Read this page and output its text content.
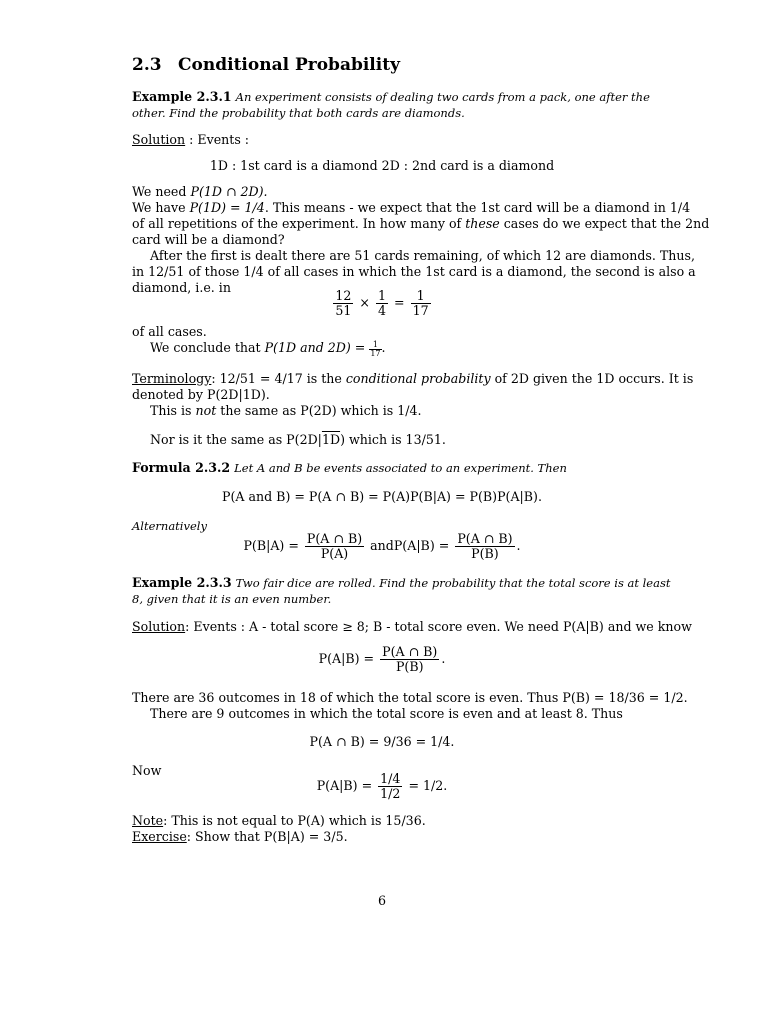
2.3 Conditional Probability
Example 2.3.1 An experiment consists of dealing two cards from a pack, one after the
other. Find the probability that both cards are diamonds.
Solution : Events :
1D : 1st card is a diamond 2D : 2nd card is a diamond
We need P(1D ∩ 2D).
We have P(1D) = 1/4. This means - we expect that the 1st card will be a diamond in 1/4
of all repetitions of the experiment. In how many of these cases do we expect that the 2nd
card will be a diamond?
After the first is dealt there are 51 cards remaining, of which 12 are diamonds. Thus,
in 12/51 of those 1/4 of all cases in which the 1st card is a diamond, the second is also a
diamond, i.e. in
$\frac{12}{51} \times \frac{1}{4} = \frac{1}{17}$
of all cases.
We conclude that P(1D and $2D) = \frac{1}{17}$ .
Terminology: 12/51 = 4/17 is the conditional probability of 2D given the 1D occurs. It is
denoted by P(2D|1D).
This is not the same as P(2D) which is 1/4.
Nor is it the same as P(2D|1D) which is 13/51.
Formula 2.3.2 Let A and B be events associated to an experiment. Then
P(A and B) = P(A ∩ B) = P(A)P(B|A) = P(B)P(A|B).
Alternatively
$P(B|A) = \frac{P(A \cap B)}{P(A)}$ andP(A|B) = $\frac{P(A \cap B)}{P(B)}$ .
Example 2.3.3 Two fair dice are rolled. Find the probability that the total score is at least
8, given that it is an even number.
Solution: Events : A - total score ≥ 8; B - total score even. We need P(A|B) and we know
$P(A|B) = \frac{P(A \cap B)}{P(B)}$ .
There are 36 outcomes in 18 of which the total score is even. Thus P(B) = 18/36 = 1/2.
There are 9 outcomes in which the total score is even and at least 8. Thus
P(A ∩ B) = 9/36 = 1/4.
Now
$P(A|B) = \frac{1/4}{1/2} = 1/2$.
Note: This is not equal to P(A) which is 15/36.
Exercise: Show that P(B|A) = 3/5.
6
